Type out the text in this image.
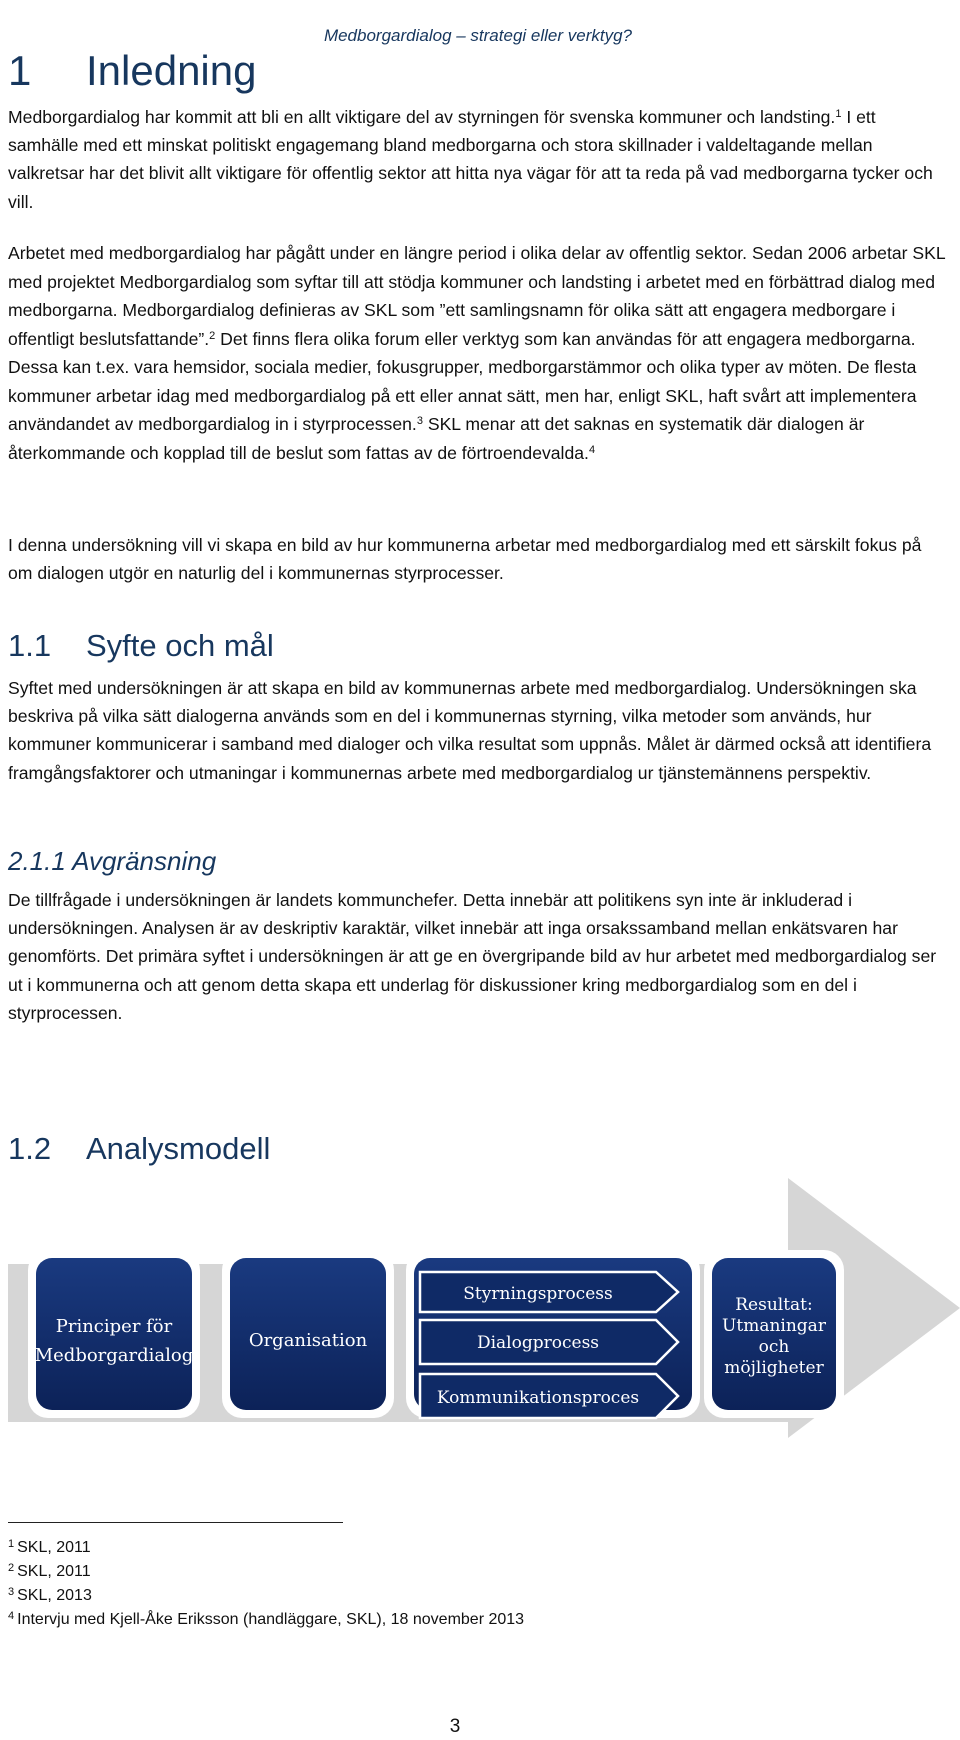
Medborgardialog – strategi eller verktyg?
1 Inledning

Medborgardialog har kommit att bli en allt viktigare del av styrningen för svenska kommuner och landsting.$^1$ I ett samhälle med ett minskat politiskt engagemang bland medborgarna och stora skillnader i valdeltagande mellan valkretsar har det blivit allt viktigare för offentlig sektor att hitta nya vägar för att ta reda på vad medborgarna tycker och vill.

Arbetet med medborgardialog har pågått under en längre period i olika delar av offentlig sektor. Sedan 2006 arbetar SKL med projektet Medborgardialog som syftar till att stödja kommuner och landsting i arbetet med en förbättrad dialog med medborgarna. Medborgardialog definieras av SKL som ”ett samlingsnamn för olika sätt att engagera medborgare i offentligt beslutsfattande”.$^2$ Det finns flera olika forum eller verktyg som kan användas för att engagera medborgarna. Dessa kan t.ex. vara hemsidor, sociala medier, fokusgrupper, medborgarstämmor och olika typer av möten. De flesta kommuner arbetar idag med medborgardialog på ett eller annat sätt, men har, enligt SKL, haft svårt att implementera användandet av medborgardialog in i styrprocessen.$^3$ SKL menar att det saknas en systematik där dialogen är återkommande och kopplad till de beslut som fattas av de förtroendevalda.$^4$

I denna undersökning vill vi skapa en bild av hur kommunerna arbetar med medborgardialog med ett särskilt fokus på om dialogen utgör en naturlig del i kommunernas styrprocesser.

1.1 Syfte och mål

Syftet med undersökningen är att skapa en bild av kommunernas arbete med medborgardialog. Undersökningen ska beskriva på vilka sätt dialogerna används som en del i kommunernas styrning, vilka metoder som används, hur kommuner kommunicerar i samband med dialoger och vilka resultat som uppnås. Målet är därmed också att identifiera framgångsfaktorer och utmaningar i kommunernas arbete med medborgardialog ur tjänstemännens perspektiv.

2.1.1 Avgränsning

De tillfrågade i undersökningen är landets kommunchefer. Detta innebär att politikens syn inte är inkluderad i undersökningen. Analysen är av deskriptiv karaktär, vilket innebär att inga orsakssamband mellan enkätsvaren har genomförts. Det primära syftet i undersökningen är att ge en övergripande bild av hur arbetet med medborgardialog ser ut i kommunerna och att genom detta skapa ett underlag för diskussioner kring medborgardialog som en del i styrprocessen.

1.2 Analysmodell
Principer för
Medborgardialog
Organisation
Styrningsprocess
Dialogprocess
Kommunikationsproces
Resultat:
Utmaningar
och
möjligheter
$^1$ SKL, 2011
$^2$ SKL, 2011
$^3$ SKL, 2013
$^4$ Intervju med Kjell-Åke Eriksson (handläggare, SKL), 18 november 2013
3
